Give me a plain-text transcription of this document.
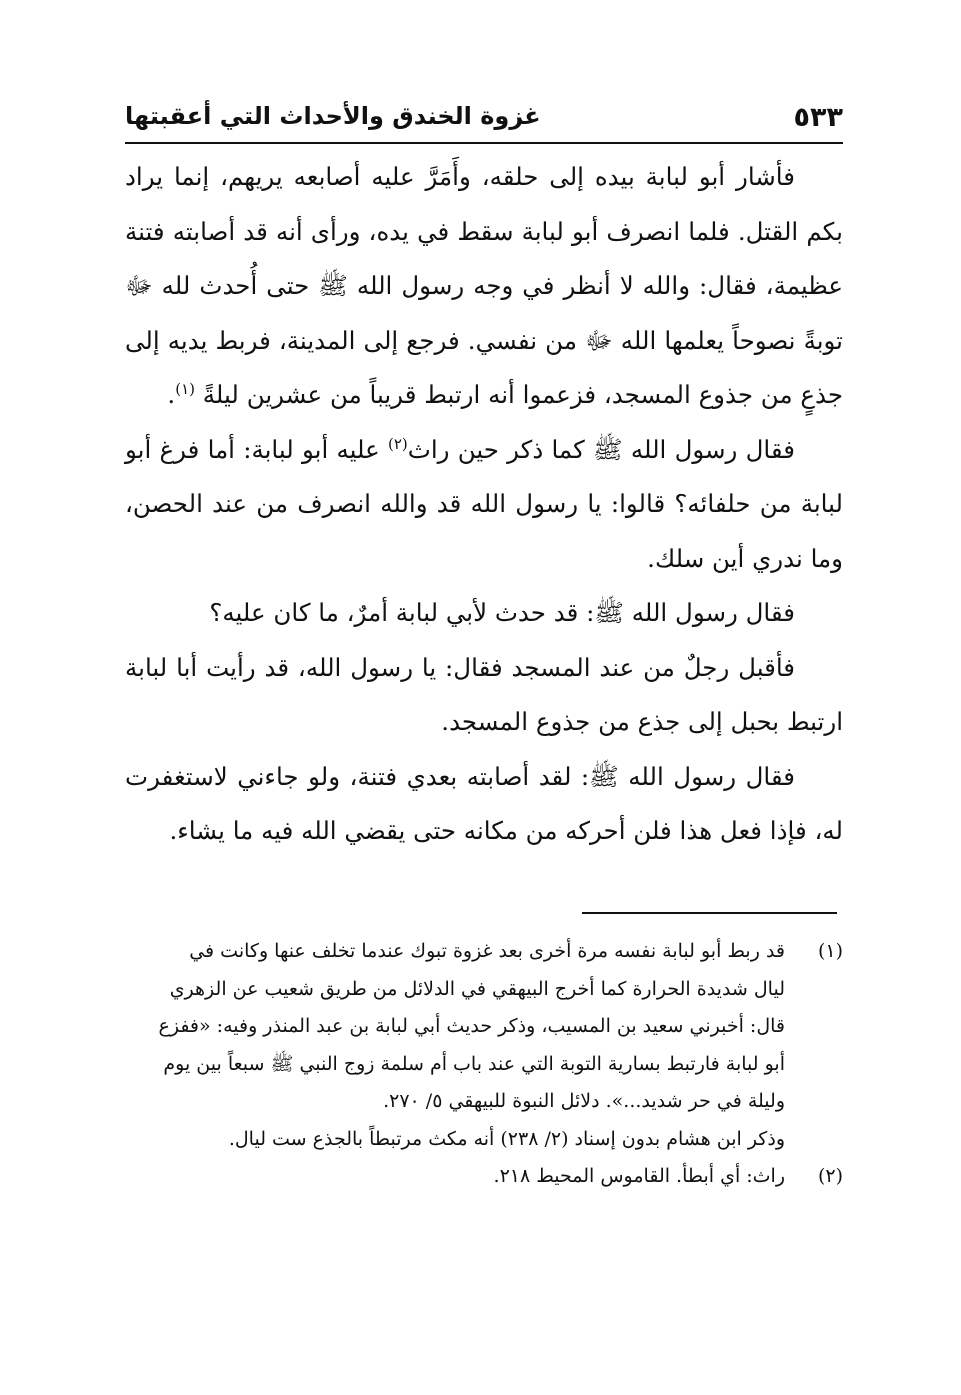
٥٣٣
غزوة الخندق والأحداث التي أعقبتها

فأشار أبو لبابة بيده إلى حلقه، وأَمَرَّ عليه أصابعه يريهم، إنما يراد بكم القتل. فلما انصرف أبو لبابة سقط في يده، ورأى أنه قد أصابته فتنة عظيمة، فقال: والله لا أنظر في وجه رسول الله ﷺ حتى أُحدث لله ﷻ توبةً نصوحاً يعلمها الله ﷻ من نفسي. فرجع إلى المدينة، فربط يديه إلى جذعٍ من جذوع المسجد، فزعموا أنه ارتبط قريباً من عشرين ليلةً $^{(١)}$.

فقال رسول الله ﷺ كما ذكر حين راث$^{(٢)}$ عليه أبو لبابة: أما فرغ أبو لبابة من حلفائه؟ قالوا: يا رسول الله قد والله انصرف من عند الحصن، وما ندري أين سلك.

فقال رسول الله ﷺ: قد حدث لأبي لبابة أمرٌ، ما كان عليه؟

فأقبل رجلٌ من عند المسجد فقال: يا رسول الله، قد رأيت أبا لبابة ارتبط بحبل إلى جذع من جذوع المسجد.

فقال رسول الله ﷺ: لقد أصابته بعدي فتنة، ولو جاءني لاستغفرت له، فإذا فعل هذا فلن أحركه من مكانه حتى يقضي الله فيه ما يشاء.

(١)
قد ربط أبو لبابة نفسه مرة أخرى بعد غزوة تبوك عندما تخلف عنها وكانت في
ليال شديدة الحرارة كما أخرج البيهقي في الدلائل من طريق شعيب عن الزهري
قال: أخبرني سعيد بن المسيب، وذكر حديث أبي لبابة بن عبد المنذر وفيه: «ففزع
أبو لبابة فارتبط بسارية التوبة التي عند باب أم سلمة زوج النبي ﷺ سبعاً بين يوم
وليلة في حر شديد...». دلائل النبوة للبيهقي ٥/ ٢٧٠.
وذكر ابن هشام بدون إسناد (٢/ ٢٣٨) أنه مكث مرتبطاً بالجذع ست ليال.
(٢)
راث: أي أبطأ. القاموس المحيط ٢١٨.
